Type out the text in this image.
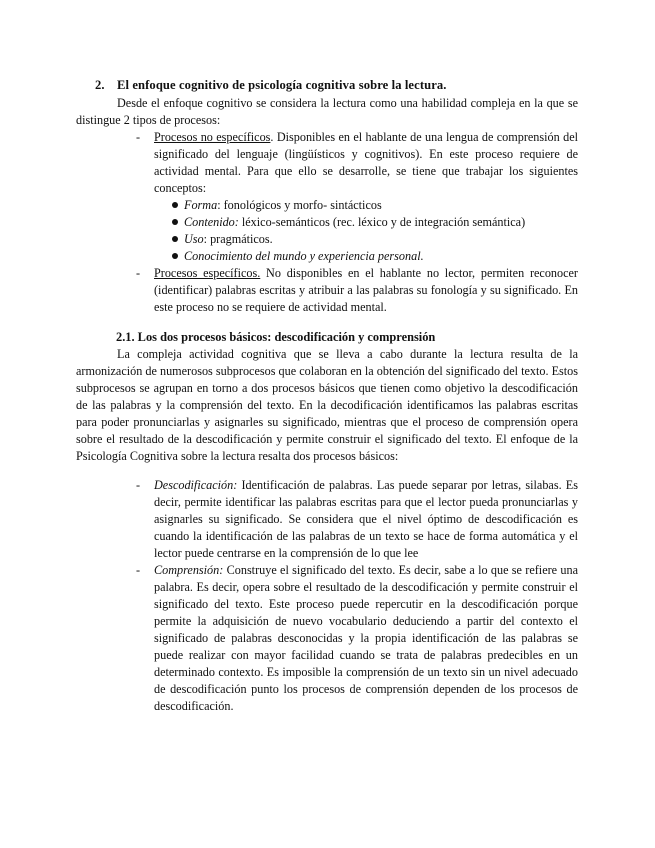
2. El enfoque cognitivo de psicología cognitiva sobre la lectura.
Desde el enfoque cognitivo se considera la lectura como una habilidad compleja en la que se distingue 2 tipos de procesos:
- Procesos no específicos. Disponibles en el hablante de una lengua de comprensión del significado del lenguaje (lingüísticos y cognitivos). En este proceso requiere de actividad mental. Para que ello se desarrolle, se tiene que trabajar los siguientes conceptos:
Forma: fonológicos y morfo- sintácticos
Contenido: léxico-semánticos (rec. léxico y de integración semántica)
Uso: pragmáticos.
Conocimiento del mundo y experiencia personal.
- Procesos específicos. No disponibles en el hablante no lector, permiten reconocer (identificar) palabras escritas y atribuir a las palabras su fonología y su significado. En este proceso no se requiere de actividad mental.
2.1. Los dos procesos básicos: descodificación y comprensión
La compleja actividad cognitiva que se lleva a cabo durante la lectura resulta de la armonización de numerosos subprocesos que colaboran en la obtención del significado del texto. Estos subprocesos se agrupan en torno a dos procesos básicos que tienen como objetivo la descodificación de las palabras y la comprensión del texto. En la decodificación identificamos las palabras escritas para poder pronunciarlas y asignarles su significado, mientras que el proceso de comprensión opera sobre el resultado de la descodificación y permite construir el significado del texto. El enfoque de la Psicología Cognitiva sobre la lectura resalta dos procesos básicos:
- Descodificación: Identificación de palabras. Las puede separar por letras, silabas. Es decir, permite identificar las palabras escritas para que el lector pueda pronunciarlas y asignarles su significado. Se considera que el nivel óptimo de descodificación es cuando la identificación de las palabras de un texto se hace de forma automática y el lector puede centrarse en la comprensión de lo que lee
- Comprensión: Construye el significado del texto. Es decir, sabe a lo que se refiere una palabra. Es decir, opera sobre el resultado de la descodificación y permite construir el significado del texto. Este proceso puede repercutir en la descodificación porque permite la adquisición de nuevo vocabulario deduciendo a partir del contexto el significado de palabras desconocidas y la propia identificación de las palabras se puede realizar con mayor facilidad cuando se trata de palabras predecibles en un determinado contexto. Es imposible la comprensión de un texto sin un nivel adecuado de descodificación punto los procesos de comprensión dependen de los procesos de descodificación.
